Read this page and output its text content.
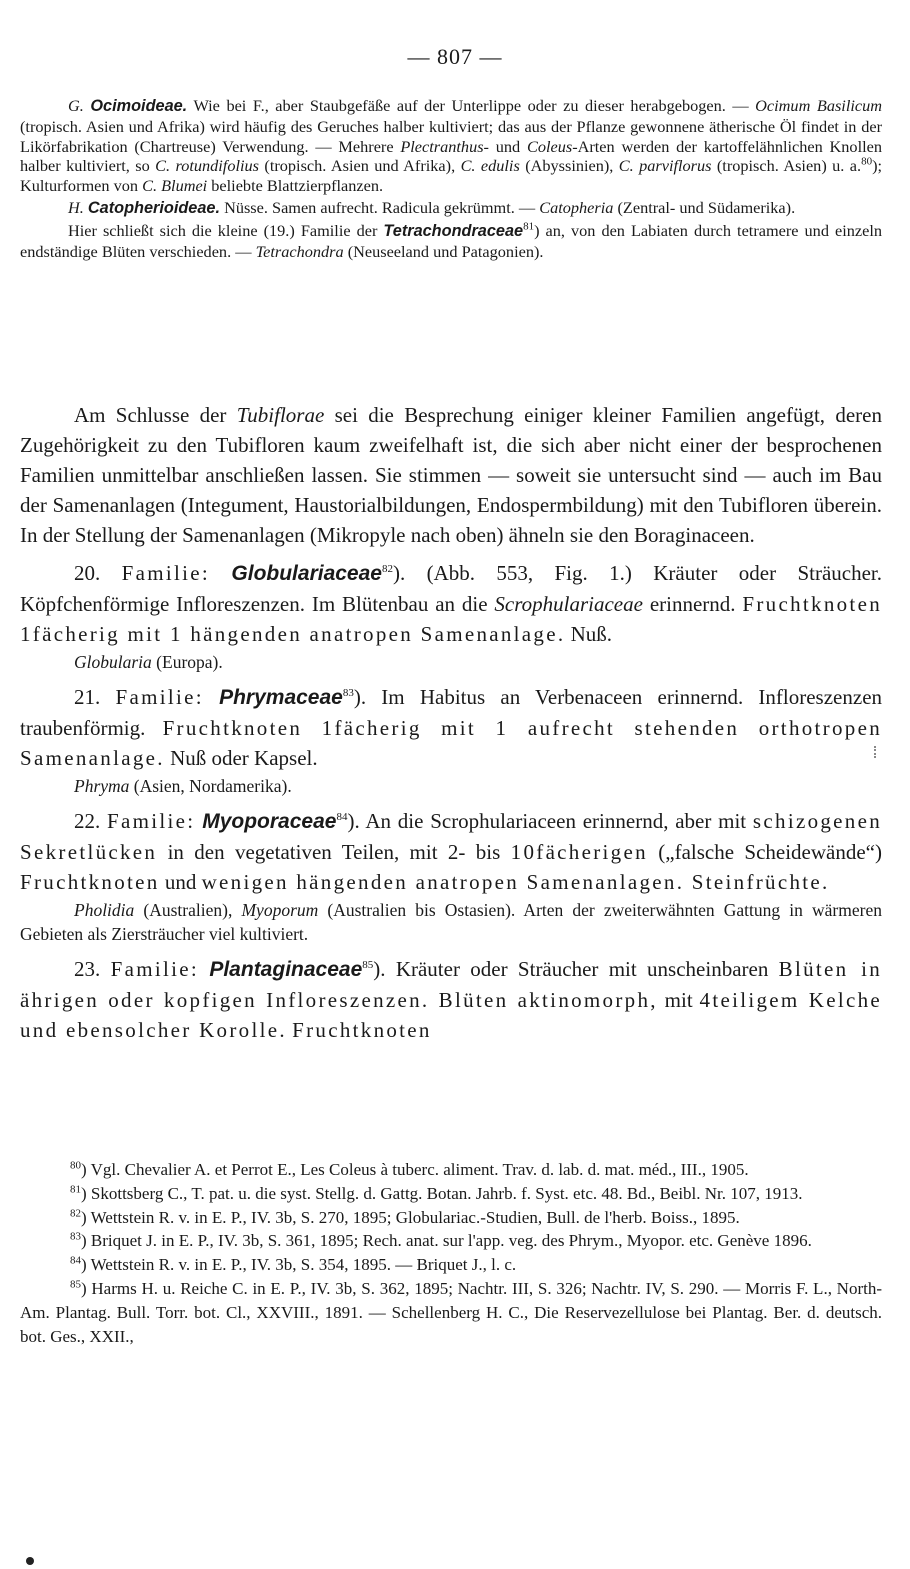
— 807 —

G. Ocimoideae. Wie bei F., aber Staubgefäße auf der Unterlippe oder zu dieser herabgebogen. — Ocimum Basilicum (tropisch. Asien und Afrika) wird häufig des Geruches halber kultiviert; das aus der Pflanze gewonnene ätherische Öl findet in der Likörfabrikation (Chartreuse) Verwendung. — Mehrere Plectranthus- und Coleus-Arten werden der kartoffelähnlichen Knollen halber kultiviert, so C. rotundifolius (tropisch. Asien und Afrika), C. edulis (Abyssinien), C. parviflorus (tropisch. Asien) u. a.$^{80}$); Kulturformen von C. Blumei beliebte Blattzierpflanzen.

H. Catopherioideae. Nüsse. Samen aufrecht. Radicula gekrümmt. — Catopheria (Zentral- und Südamerika).

Hier schließt sich die kleine (19.) Familie der Tetrachondraceae$^{81}$) an, von den Labiaten durch tetramere und einzeln endständige Blüten verschieden. — Tetrachondra (Neuseeland und Patagonien).

Am Schlusse der Tubiflorae sei die Besprechung einiger kleiner Familien angefügt, deren Zugehörigkeit zu den Tubifloren kaum zweifelhaft ist, die sich aber nicht einer der besprochenen Familien unmittelbar anschließen lassen. Sie stimmen — soweit sie untersucht sind — auch im Bau der Samenanlagen (Integument, Haustorialbildungen, Endospermbildung) mit den Tubifloren überein. In der Stellung der Samenanlagen (Mikropyle nach oben) ähneln sie den Boraginaceen.

20. Familie: Globulariaceae$^{82}$). (Abb. 553, Fig. 1.) Kräuter oder Sträucher. Köpfchenförmige Infloreszenzen. Im Blütenbau an die Scrophulariaceae erinnernd. Fruchtknoten 1fächerig mit 1 hängenden anatropen Samenanlage. Nuß.

Globularia (Europa).

21. Familie: Phrymaceae$^{83}$). Im Habitus an Verbenaceen erinnernd. Infloreszenzen traubenförmig. Fruchtknoten 1fächerig mit 1 aufrecht stehenden orthotropen Samenanlage. Nuß oder Kapsel.

Phryma (Asien, Nordamerika).

22. Familie: Myoporaceae$^{84}$). An die Scrophulariaceen erinnernd, aber mit schizogenen Sekretlücken in den vegetativen Teilen, mit 2- bis 10fächerigen („falsche Scheidewände“) Fruchtknoten und wenigen hängenden anatropen Samenanlagen. Steinfrüchte.

Pholidia (Australien), Myoporum (Australien bis Ostasien). Arten der zweiterwähnten Gattung in wärmeren Gebieten als Ziersträucher viel kultiviert.

23. Familie: Plantaginaceae$^{85}$). Kräuter oder Sträucher mit unscheinbaren Blüten in ährigen oder kopfigen Infloreszenzen. Blüten aktinomorph, mit 4teiligem Kelche und ebensolcher Korolle. Fruchtknoten

$^{80}$) Vgl. Chevalier A. et Perrot E., Les Coleus à tuberc. aliment. Trav. d. lab. d. mat. méd., III., 1905.

$^{81}$) Skottsberg C., T. pat. u. die syst. Stellg. d. Gattg. Botan. Jahrb. f. Syst. etc. 48. Bd., Beibl. Nr. 107, 1913.

$^{82}$) Wettstein R. v. in E. P., IV. 3b, S. 270, 1895; Globulariac.-Studien, Bull. de l'herb. Boiss., 1895.

$^{83}$) Briquet J. in E. P., IV. 3b, S. 361, 1895; Rech. anat. sur l'app. veg. des Phrym., Myopor. etc. Genève 1896.

$^{84}$) Wettstein R. v. in E. P., IV. 3b, S. 354, 1895. — Briquet J., l. c.

$^{85}$) Harms H. u. Reiche C. in E. P., IV. 3b, S. 362, 1895; Nachtr. III, S. 326; Nachtr. IV, S. 290. — Morris F. L., North-Am. Plantag. Bull. Torr. bot. Cl., XXVIII., 1891. — Schellenberg H. C., Die Reservezellulose bei Plantag. Ber. d. deutsch. bot. Ges., XXII.,
